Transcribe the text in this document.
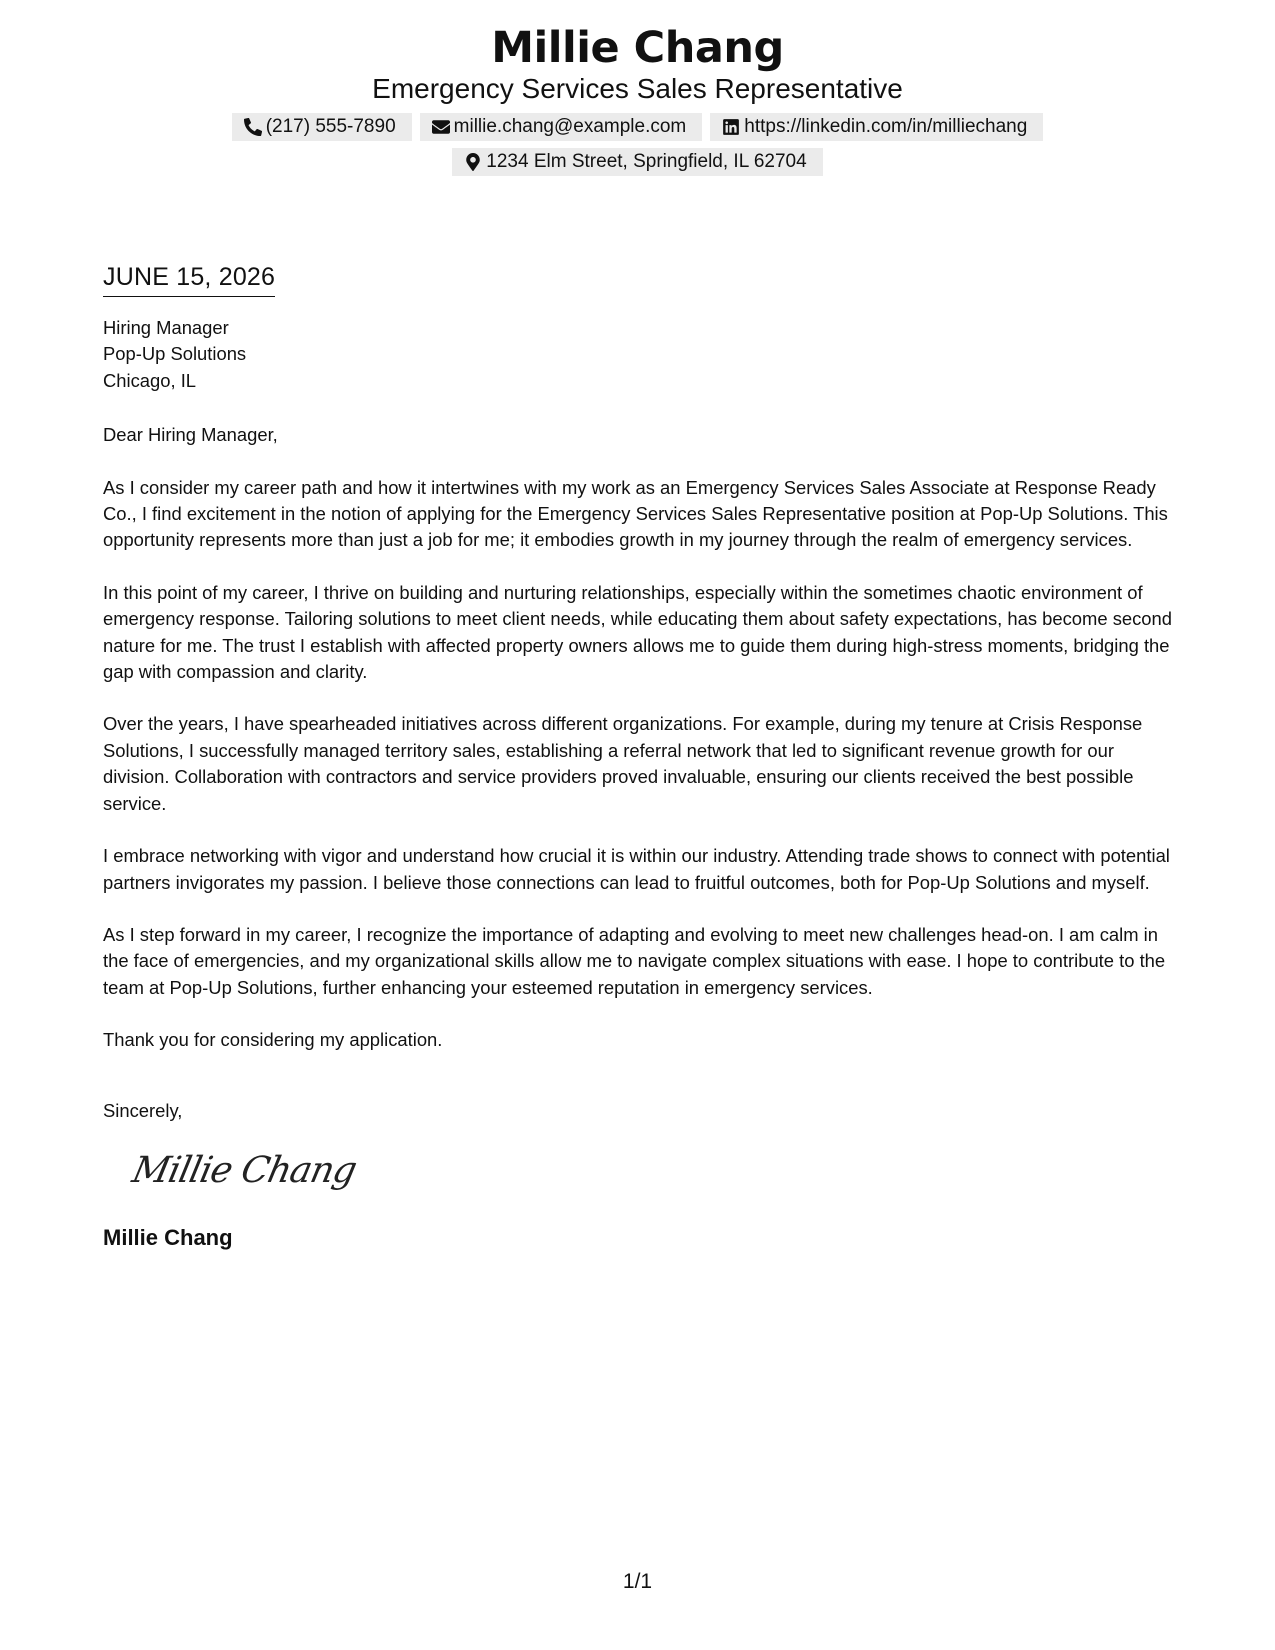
Millie Chang
Emergency Services Sales Representative
(217) 555-7890	millie.chang@example.com	https://linkedin.com/in/milliechang
1234 Elm Street, Springfield, IL 62704
JUNE 15, 2026
Hiring Manager
Pop-Up Solutions
Chicago, IL
Dear Hiring Manager,
As I consider my career path and how it intertwines with my work as an Emergency Services Sales Associate at Response Ready Co., I find excitement in the notion of applying for the Emergency Services Sales Representative position at Pop-Up Solutions. This opportunity represents more than just a job for me; it embodies growth in my journey through the realm of emergency services.
In this point of my career, I thrive on building and nurturing relationships, especially within the sometimes chaotic environment of emergency response. Tailoring solutions to meet client needs, while educating them about safety expectations, has become second nature for me. The trust I establish with affected property owners allows me to guide them during high-stress moments, bridging the gap with compassion and clarity.
Over the years, I have spearheaded initiatives across different organizations. For example, during my tenure at Crisis Response Solutions, I successfully managed territory sales, establishing a referral network that led to significant revenue growth for our division. Collaboration with contractors and service providers proved invaluable, ensuring our clients received the best possible service.
I embrace networking with vigor and understand how crucial it is within our industry. Attending trade shows to connect with potential partners invigorates my passion. I believe those connections can lead to fruitful outcomes, both for Pop-Up Solutions and myself.
As I step forward in my career, I recognize the importance of adapting and evolving to meet new challenges head-on. I am calm in the face of emergencies, and my organizational skills allow me to navigate complex situations with ease. I hope to contribute to the team at Pop-Up Solutions, further enhancing your esteemed reputation in emergency services.
Thank you for considering my application.
Sincerely,
Millie Chang
Millie Chang
1/1
